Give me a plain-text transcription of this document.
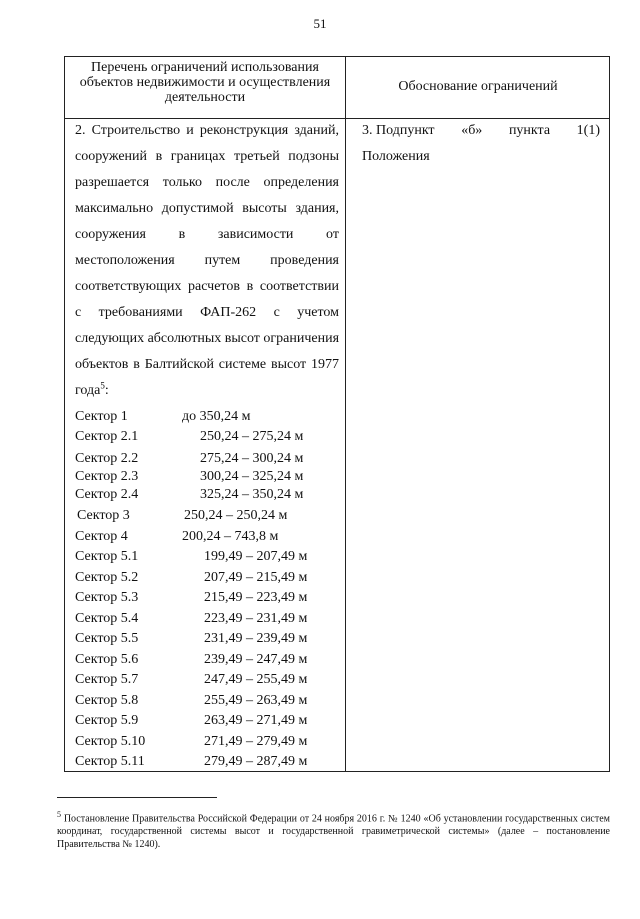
51
Перечень ограничений использования объектов недвижимости и осуществления деятельности
Обоснование ограничений

2. Строительство и реконструкция зданий, сооружений в границах третьей подзоны разрешается только после определения максимально допустимой высоты здания, сооружения в зависимости от местоположения путем проведения соответствующих расчетов в соответствии с требованиями ФАП-262 с учетом следующих абсолютных высот ограничения объектов в Балтийской системе высот 1977 года$^5$:

3. Подпункт «б» пункта 1(1)
Положения
Сектор 1	до 350,24 м
Сектор 2.1	250,24 – 275,24 м
Сектор 2.2	275,24 – 300,24 м
Сектор 2.3	300,24 – 325,24 м
Сектор 2.4	325,24 – 350,24 м
Сектор 3	250,24 – 250,24 м
Сектор 4	200,24 – 743,8 м
Сектор 5.1	199,49 – 207,49 м
Сектор 5.2	207,49 – 215,49 м
Сектор 5.3	215,49 – 223,49 м
Сектор 5.4	223,49 – 231,49 м
Сектор 5.5	231,49 – 239,49 м
Сектор 5.6	239,49 – 247,49 м
Сектор 5.7	247,49 – 255,49 м
Сектор 5.8	255,49 – 263,49 м
Сектор 5.9	263,49 – 271,49 м
Сектор 5.10	271,49 – 279,49 м
Сектор 5.11	279,49 – 287,49 м
$^5$ Постановление Правительства Российской Федерации от 24 ноября 2016 г. № 1240 «Об установлении государственных систем координат, государственной системы высот и государственной гравиметрической системы» (далее – постановление Правительства № 1240).
